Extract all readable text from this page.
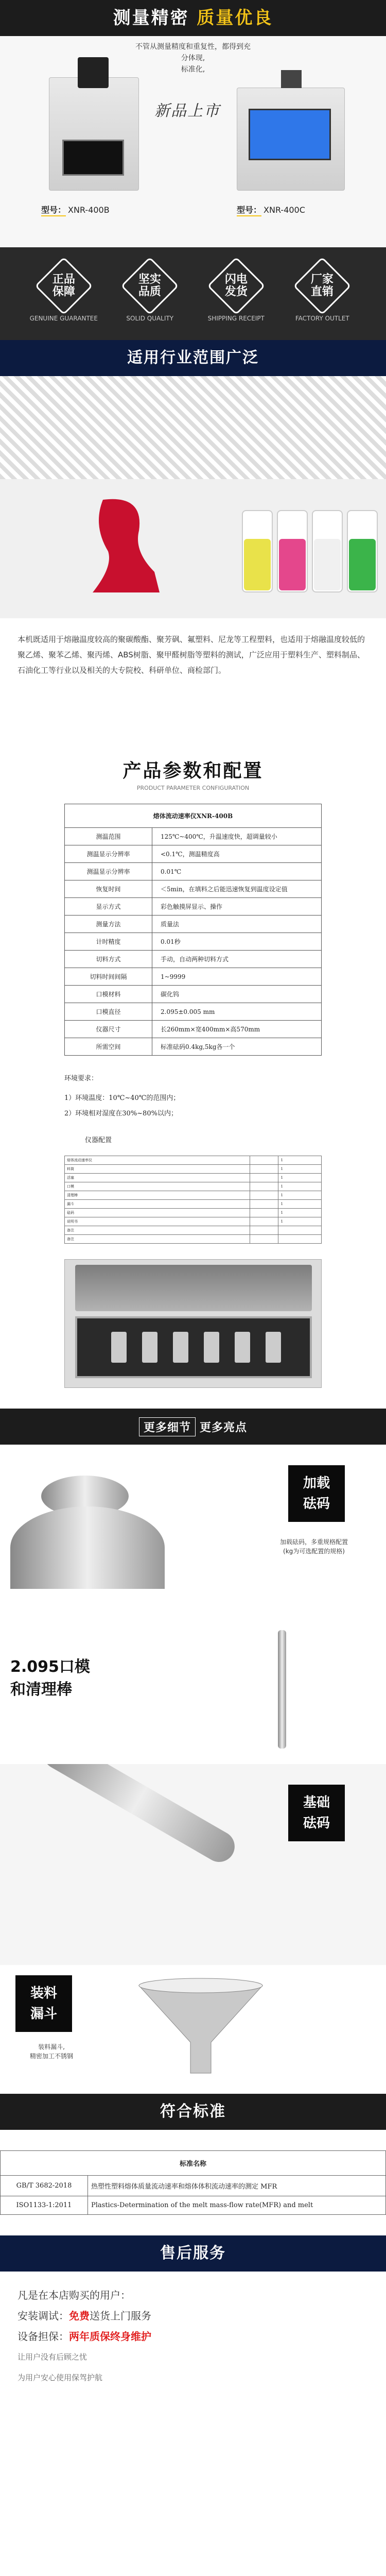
测量精密 质量优良
不管从测量精度和重复性，都得到充
分体现,
标准化,
新品上市
型号： XNR-400B	型号： XNR-400C
正品
保障
GENUINE GUARANTEE
坚实
品质
SOLID QUALITY
闪电
发货
SHIPPING RECEIPT
厂家
直销
FACTORY OUTLET
适用行业范围广泛
本机既适用于熔融温度较高的聚碳酸酯、聚芳砜、氟塑料、尼龙等工程塑料，也适用于熔融温度较低的聚乙烯、聚苯乙烯、聚丙烯、ABS树脂、聚甲醛树脂等塑料的测试，广泛应用于塑料生产、塑料制品、石油化工等行业以及相关的大专院校、科研单位、商检部门。
产品参数和配置
PRODUCT PARAMETER CONFIGURATION
熔体流动速率仪XNR-400B	
测温范围	125℃~400℃，升温速度快，超调量较小
测温显示分辨率	<0.1℃，测温精度高
测温显示分辨率	0.01℃
恢复时间	＜5min，在填料之后能迅速恢复到温度设定值
显示方式	彩色触摸屏显示、操作
测量方法	质量法
计时精度	0.01秒
切料方式	手动，自动两种切料方式
切料时间间隔	1~9999
口模材料	碳化钨
口模直径	2.095±0.005 mm
仪器尺寸	长260mm×宽400mm×高570mm
所需空间	标准砝码0.4kg,5kg各一个
环境要求：
1）环境温度：10℃~40℃的范围内；
2）环境相对湿度在30%~80%以内；
仪器配置
熔体流动速率仪		1
料筒		1
活塞		1
口模		1
清理棒		1
漏斗		1
砝码		1
说明书		1
备注		
备注		
更多细节 更多亮点
加载
砝码
加载砝码，多重规格配置
(kg为可选配置的规格)
2.095口模
和清理棒
基础
砝码
装料
漏斗
装料漏斗,
精密加工不锈钢
符合标准
标准名称	
GB/T 3682-2018	热塑性塑料熔体质量流动速率和熔体体积流动速率的测定 MFR
ISO1133-1:2011	Plastics-Determination of the melt mass-flow rate(MFR) and melt
售后服务
凡是在本店购买的用户：
安装调试：免费送货上门服务
设备担保：两年质保终身维护
让用户没有后顾之忧
为用户安心使用保驾护航
